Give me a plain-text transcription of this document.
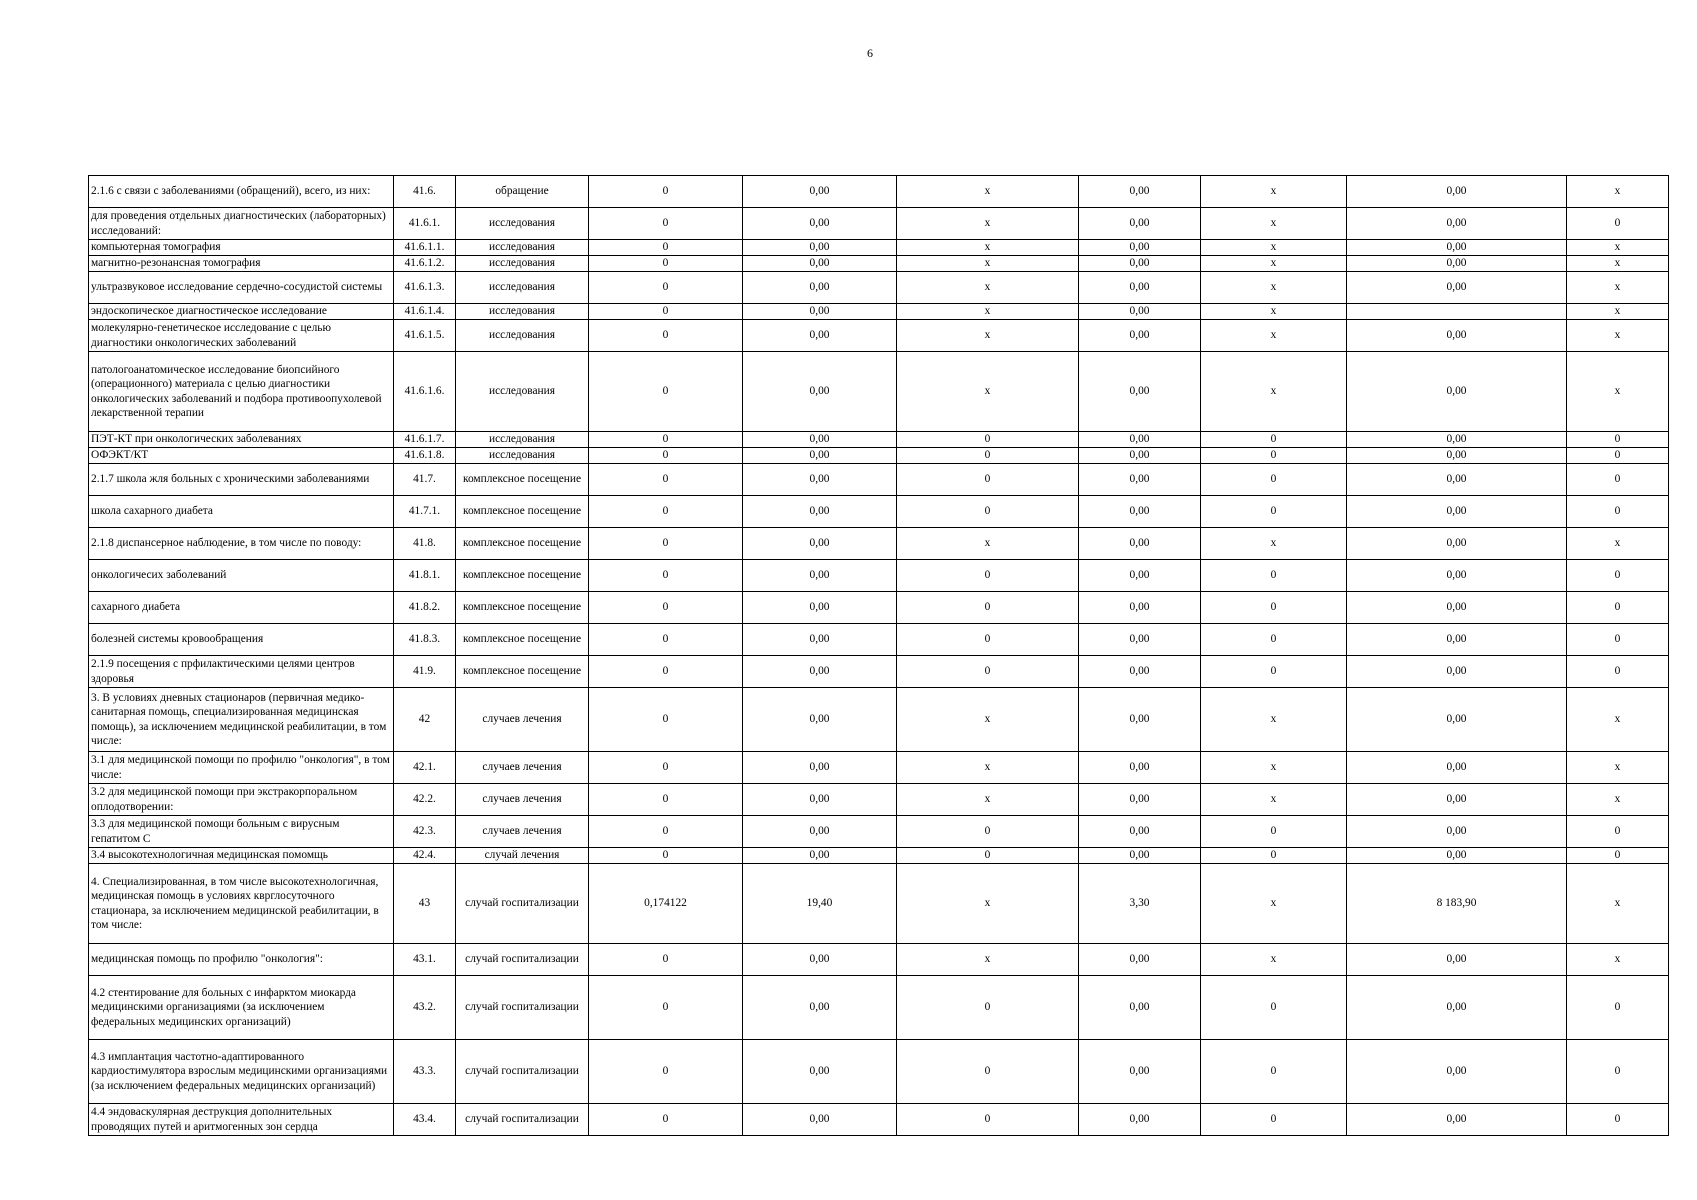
6
2.1.6 с связи с заболеваниями (обращений), всего, из них:	41.6.	обращение	0	0,00	x	0,00	x	0,00	x
для проведения отдельных диагностических (лабораторных) исследований:	41.6.1.	исследования	0	0,00	x	0,00	x	0,00	0
компьютерная томография	41.6.1.1.	исследования	0	0,00	x	0,00	x	0,00	x
магнитно-резонансная томография	41.6.1.2.	исследования	0	0,00	x	0,00	x	0,00	x
ультразвуковое исследование сердечно-сосудистой системы	41.6.1.3.	исследования	0	0,00	x	0,00	x	0,00	x
эндоскопическое диагностическое исследование	41.6.1.4.	исследования	0	0,00	x	0,00	x		x
молекулярно-генетическое исследование с целью диагностики онкологических заболеваний	41.6.1.5.	исследования	0	0,00	x	0,00	x	0,00	x
патологоанатомическое исследование биопсийного (операционного) материала с целью диагностики онкологических заболеваний и подбора противоопухолевой лекарственной терапии	41.6.1.6.	исследования	0	0,00	x	0,00	x	0,00	x
ПЭТ-КТ при онкологических заболеваниях	41.6.1.7.	исследования	0	0,00	0	0,00	0	0,00	0
ОФЭКТ/КТ	41.6.1.8.	исследования	0	0,00	0	0,00	0	0,00	0
2.1.7 школа жля больных с хроническими заболеваниями	41.7.	комплексное посещение	0	0,00	0	0,00	0	0,00	0
школа сахарного диабета	41.7.1.	комплексное посещение	0	0,00	0	0,00	0	0,00	0
2.1.8 диспансерное наблюдение, в том числе по поводу:	41.8.	комплексное посещение	0	0,00	x	0,00	x	0,00	x
онкологичесих заболеваний	41.8.1.	комплексное посещение	0	0,00	0	0,00	0	0,00	0
сахарного диабета	41.8.2.	комплексное посещение	0	0,00	0	0,00	0	0,00	0
болезней системы кровообращения	41.8.3.	комплексное посещение	0	0,00	0	0,00	0	0,00	0
2.1.9 посещения с прфилактическими целями центров здоровья	41.9.	комплексное посещение	0	0,00	0	0,00	0	0,00	0
3. В условиях дневных стационаров (первичная медико-санитарная помощь, специализированная медицинская помощь), за исключением медицинской реабилитации, в том числе:	42	случаев лечения	0	0,00	x	0,00	x	0,00	x
3.1 для медицинской помощи по профилю "онкология", в том числе:	42.1.	случаев лечения	0	0,00	x	0,00	x	0,00	x
3.2 для медицинской помощи при экстракорпоральном оплодотворении:	42.2.	случаев лечения	0	0,00	x	0,00	x	0,00	x
3.3 для медицинской помощи больным с вирусным гепатитом С	42.3.	случаев лечения	0	0,00	0	0,00	0	0,00	0
3.4 высокотехнологичная медицинская помомщь	42.4.	случай лечения	0	0,00	0	0,00	0	0,00	0
4. Специализированная, в том числе высокотехнологичная, медицинская помощь в условиях кврглосуточного стационара, за исключением медицинской реабилитации, в том числе:	43	случай госпитализации	0,174122	19,40	x	3,30	x	8 183,90	x
медицинская помощь по профилю "онкология":	43.1.	случай госпитализации	0	0,00	x	0,00	x	0,00	x
4.2 стентирование для больных с инфарктом миокарда медицинскими организациями (за исключением федеральных медицинских организаций)	43.2.	случай госпитализации	0	0,00	0	0,00	0	0,00	0
4.3 имплантация частотно-адаптированного кардиостимулятора взрослым медицинскими организациями (за исключением федеральных медицинских организаций)	43.3.	случай госпитализации	0	0,00	0	0,00	0	0,00	0
4.4 эндоваскулярная деструкция дополнительных проводящих путей и аритмогенных зон сердца	43.4.	случай госпитализации	0	0,00	0	0,00	0	0,00	0
